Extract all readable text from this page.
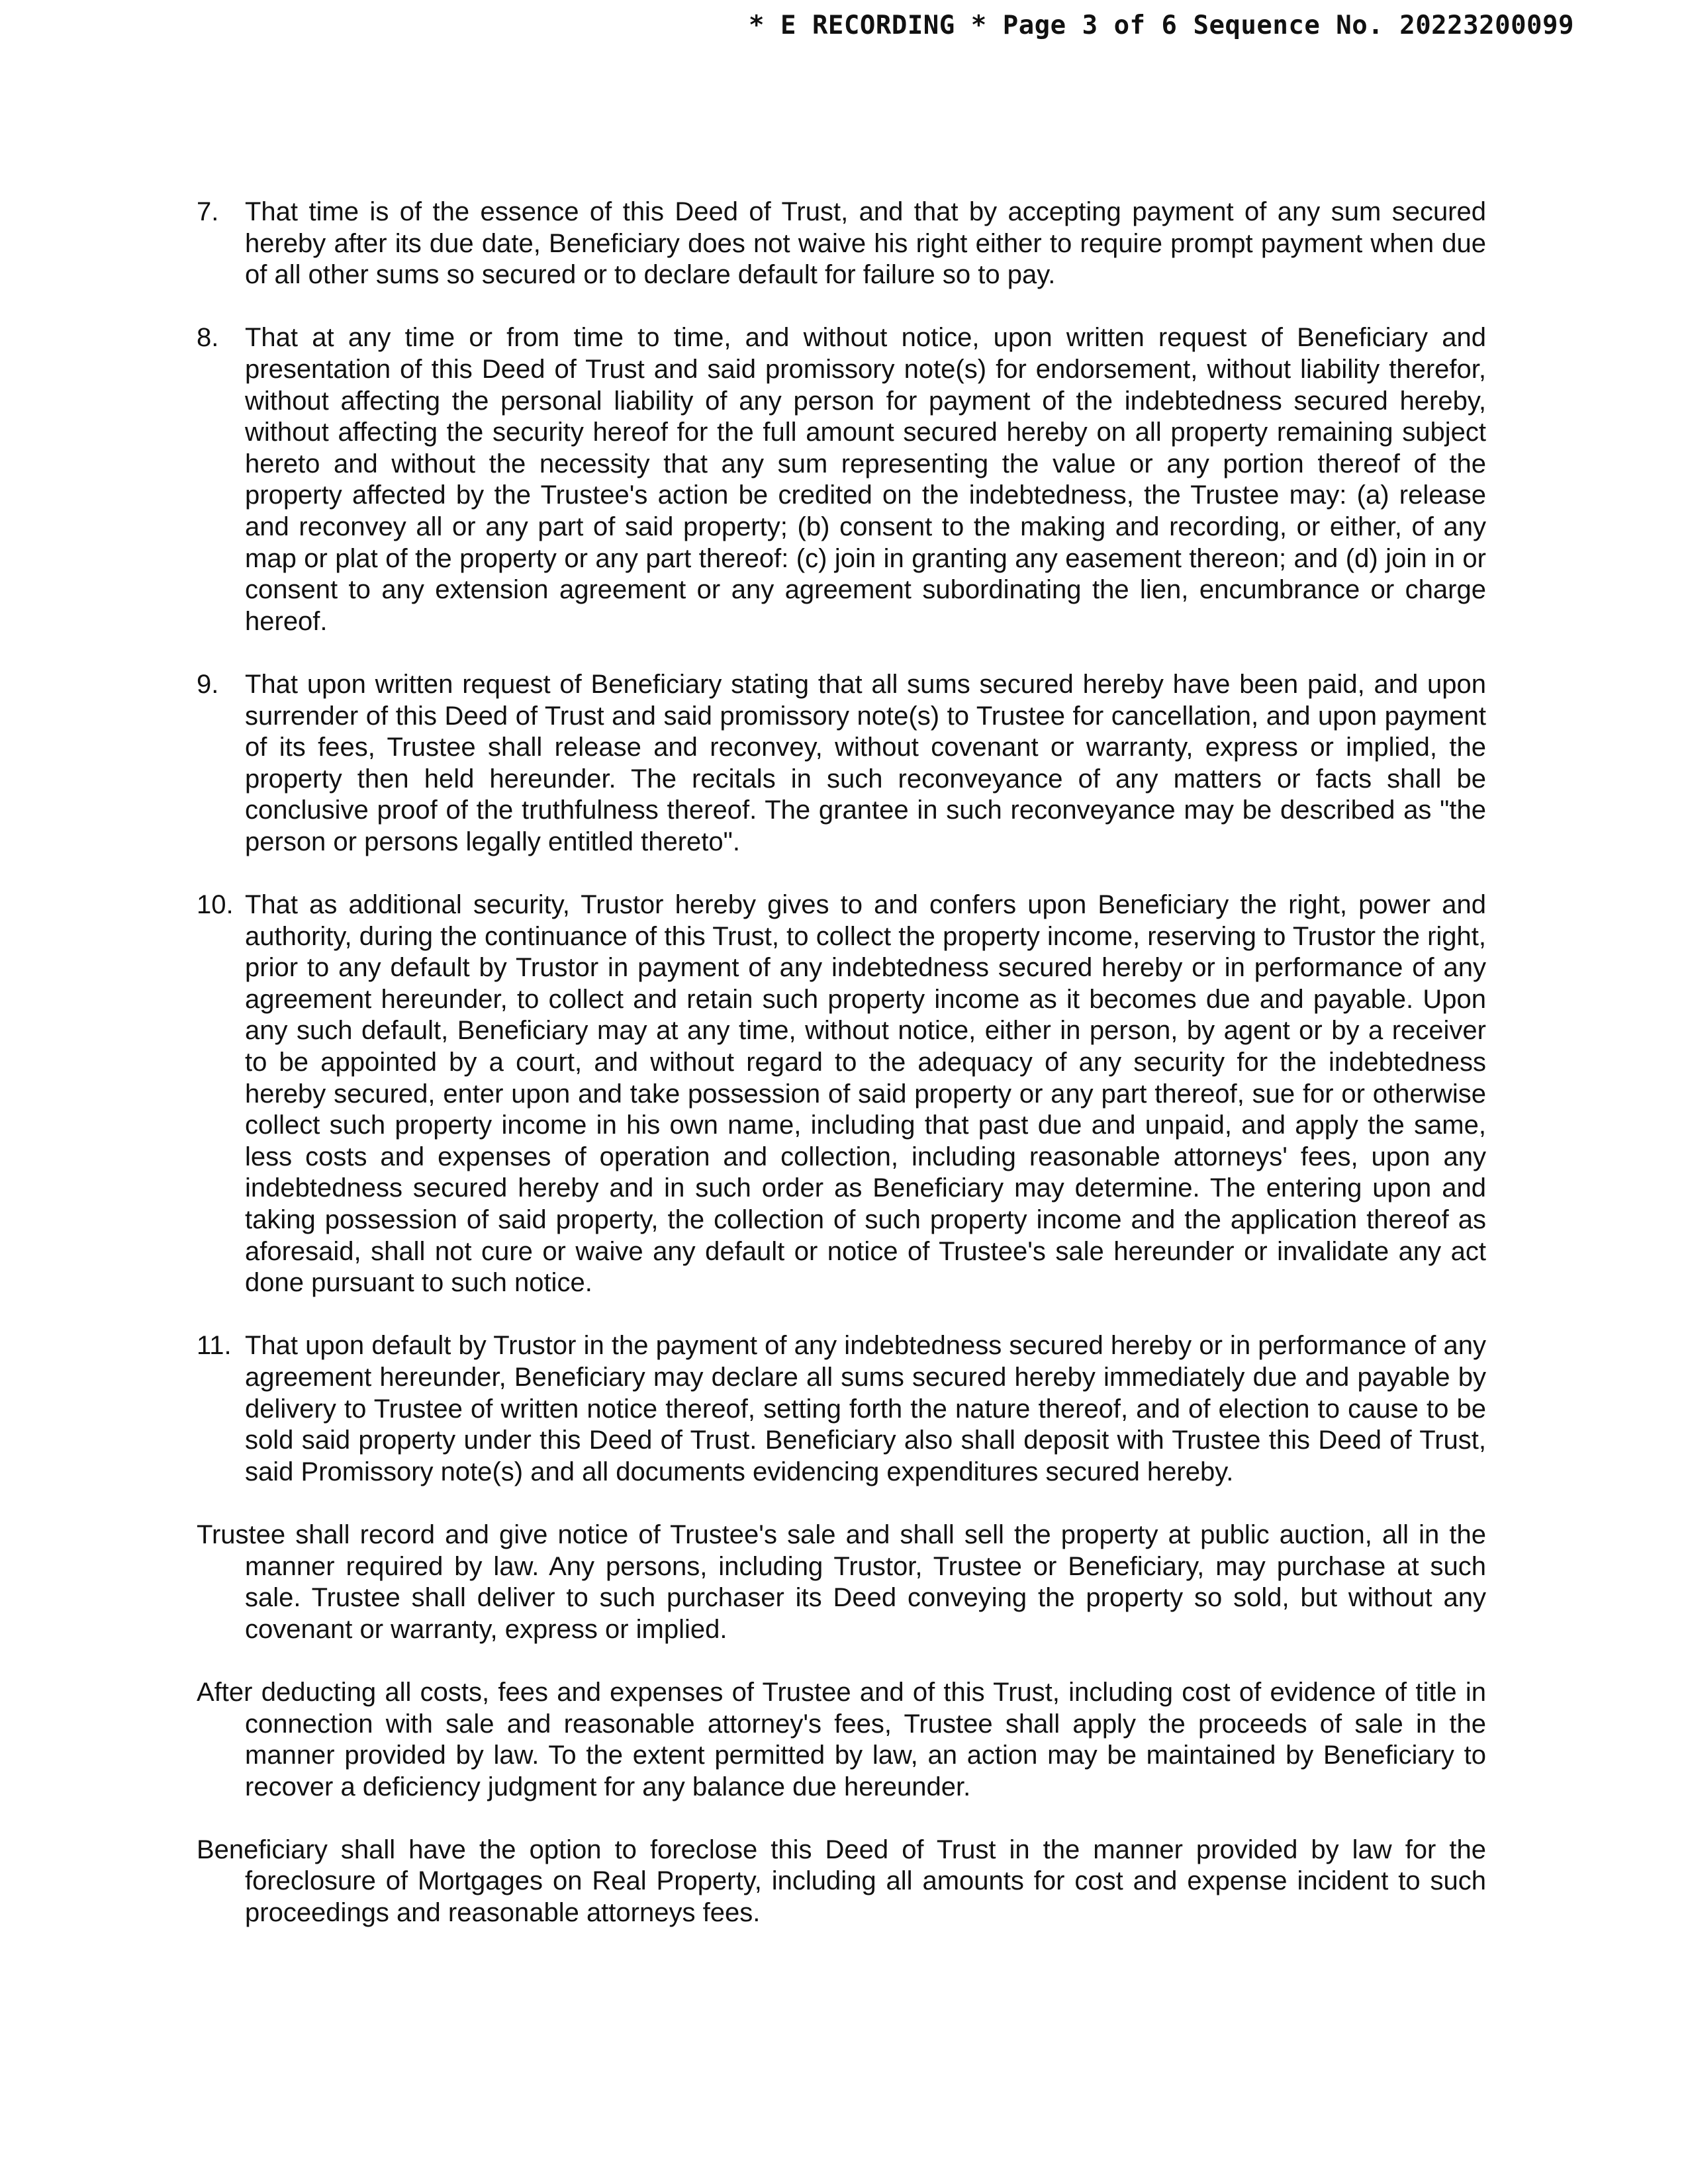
* E RECORDING * Page 3 of 6 Sequence No. 20223200099
7. That time is of the essence of this Deed of Trust, and that by accepting payment of any sum secured hereby after its due date, Beneficiary does not waive his right either to require prompt payment when due of all other sums so secured or to declare default for failure so to pay.
8. That at any time or from time to time, and without notice, upon written request of Beneficiary and presentation of this Deed of Trust and said promissory note(s) for endorsement, without liability therefor, without affecting the personal liability of any person for payment of the indebtedness secured hereby, without affecting the security hereof for the full amount secured hereby on all property remaining subject hereto and without the necessity that any sum representing the value or any portion thereof of the property affected by the Trustee's action be credited on the indebtedness, the Trustee may: (a) release and reconvey all or any part of said property; (b) consent to the making and recording, or either, of any map or plat of the property or any part thereof: (c) join in granting any easement thereon; and (d) join in or consent to any extension agreement or any agreement subordinating the lien, encumbrance or charge hereof.
9. That upon written request of Beneficiary stating that all sums secured hereby have been paid, and upon surrender of this Deed of Trust and said promissory note(s) to Trustee for cancellation, and upon payment of its fees, Trustee shall release and reconvey, without covenant or warranty, express or implied, the property then held hereunder. The recitals in such reconveyance of any matters or facts shall be conclusive proof of the truthfulness thereof. The grantee in such reconveyance may be described as "the person or persons legally entitled thereto".
10. That as additional security, Trustor hereby gives to and confers upon Beneficiary the right, power and authority, during the continuance of this Trust, to collect the property income, reserving to Trustor the right, prior to any default by Trustor in payment of any indebtedness secured hereby or in performance of any agreement hereunder, to collect and retain such property income as it becomes due and payable. Upon any such default, Beneficiary may at any time, without notice, either in person, by agent or by a receiver to be appointed by a court, and without regard to the adequacy of any security for the indebtedness hereby secured, enter upon and take possession of said property or any part thereof, sue for or otherwise collect such property income in his own name, including that past due and unpaid, and apply the same, less costs and expenses of operation and collection, including reasonable attorneys' fees, upon any indebtedness secured hereby and in such order as Beneficiary may determine. The entering upon and taking possession of said property, the collection of such property income and the application thereof as aforesaid, shall not cure or waive any default or notice of Trustee's sale hereunder or invalidate any act done pursuant to such notice.
11. That upon default by Trustor in the payment of any indebtedness secured hereby or in performance of any agreement hereunder, Beneficiary may declare all sums secured hereby immediately due and payable by delivery to Trustee of written notice thereof, setting forth the nature thereof, and of election to cause to be sold said property under this Deed of Trust. Beneficiary also shall deposit with Trustee this Deed of Trust, said Promissory note(s) and all documents evidencing expenditures secured hereby.

Trustee shall record and give notice of Trustee's sale and shall sell the property at public auction, all in the manner required by law. Any persons, including Trustor, Trustee or Beneficiary, may purchase at such sale. Trustee shall deliver to such purchaser its Deed conveying the property so sold, but without any covenant or warranty, express or implied.

After deducting all costs, fees and expenses of Trustee and of this Trust, including cost of evidence of title in connection with sale and reasonable attorney's fees, Trustee shall apply the proceeds of sale in the manner provided by law. To the extent permitted by law, an action may be maintained by Beneficiary to recover a deficiency judgment for any balance due hereunder.

Beneficiary shall have the option to foreclose this Deed of Trust in the manner provided by law for the foreclosure of Mortgages on Real Property, including all amounts for cost and expense incident to such proceedings and reasonable attorneys fees.
